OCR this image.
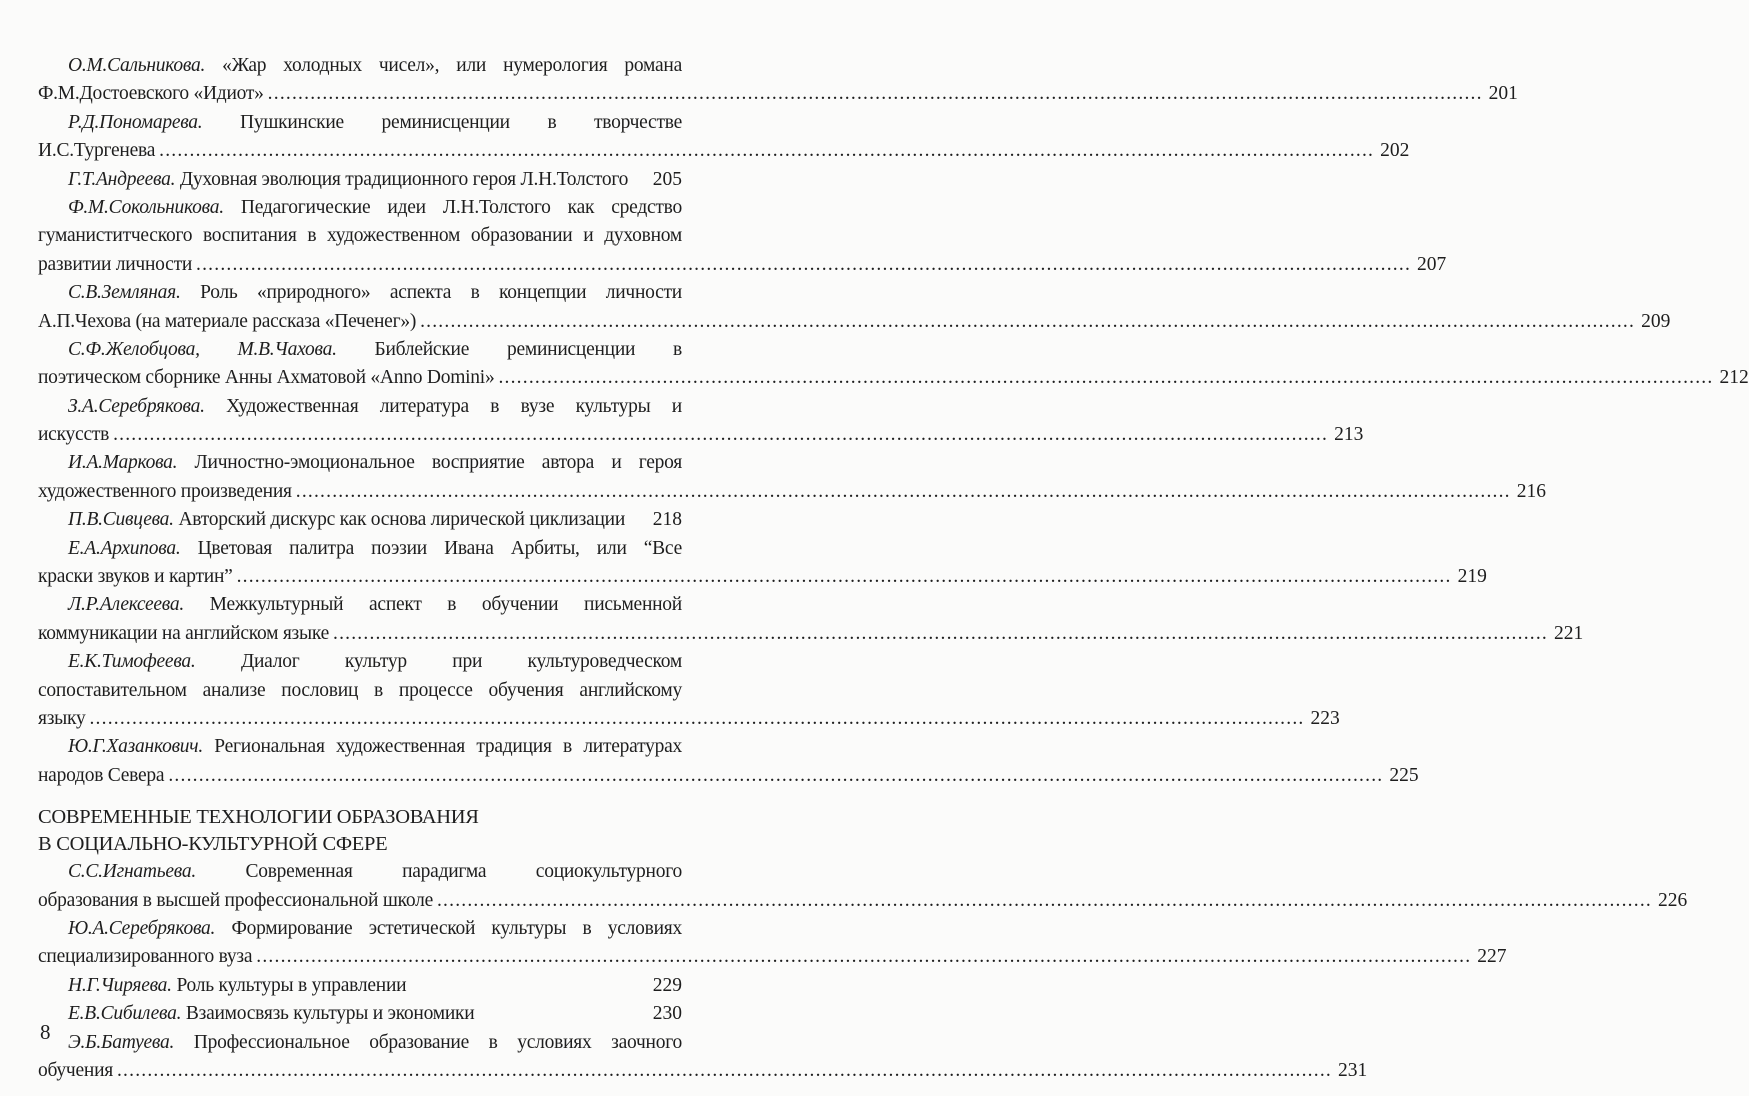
О.М.Сальникова. «Жар холодных чисел», или нумерология романа
Ф.М.Достоевского «Идиот» ........................................................................................................................................................................................................ 201
Р.Д.Пономарева. Пушкинские реминисценции в творчестве
И.С.Тургенева ........................................................................................................................................................................................................ 202
Г.Т.Андреева. Духовная эволюция традиционного героя Л.Н.Толстого 205
Ф.М.Сокольникова. Педагогические идеи Л.Н.Толстого как средство
гуманиститческого воспитания в художественном образовании и духовном
развитии личности ........................................................................................................................................................................................................ 207
С.В.Земляная. Роль «природного» аспекта в концепции личности
А.П.Чехова (на материале рассказа «Печенег») ........................................................................................................................................................................................................ 209
С.Ф.Желобцова, М.В.Чахова. Библейские реминисценции в
поэтическом сборнике Анны Ахматовой «Anno Domini» ........................................................................................................................................................................................................ 212
З.А.Серебрякова. Художественная литература в вузе культуры и
искусств ........................................................................................................................................................................................................ 213
И.А.Маркова. Личностно-эмоциональное восприятие автора и героя
художественного произведения ........................................................................................................................................................................................................ 216
П.В.Сивцева. Авторский дискурс как основа лирической циклизации 218
Е.А.Архипова. Цветовая палитра поэзии Ивана Арбиты, или “Все
краски звуков и картин” ........................................................................................................................................................................................................ 219
Л.Р.Алексеева. Межкультурный аспект в обучении письменной
коммуникации на английском языке ........................................................................................................................................................................................................ 221
Е.К.Тимофеева. Диалог культур при культуроведческом
сопоставительном анализе пословиц в процессе обучения английскому
языку ........................................................................................................................................................................................................ 223
Ю.Г.Хазанкович. Региональная художественная традиция в литературах
народов Севера ........................................................................................................................................................................................................ 225
СОВРЕМЕННЫЕ ТЕХНОЛОГИИ ОБРАЗОВАНИЯ
В СОЦИАЛЬНО-КУЛЬТУРНОЙ СФЕРЕ
С.С.Игнатьева. Современная парадигма социокультурного
образования в высшей профессиональной школе ........................................................................................................................................................................................................ 226
Ю.А.Серебрякова. Формирование эстетической культуры в условиях
специализированного вуза ........................................................................................................................................................................................................ 227
Н.Г.Чиряева. Роль культуры в управлении	229
Е.В.Сибилева. Взаимосвязь культуры и экономики	230
Э.Б.Батуева. Профессиональное образование в условиях заочного
обучения ........................................................................................................................................................................................................ 231
8
